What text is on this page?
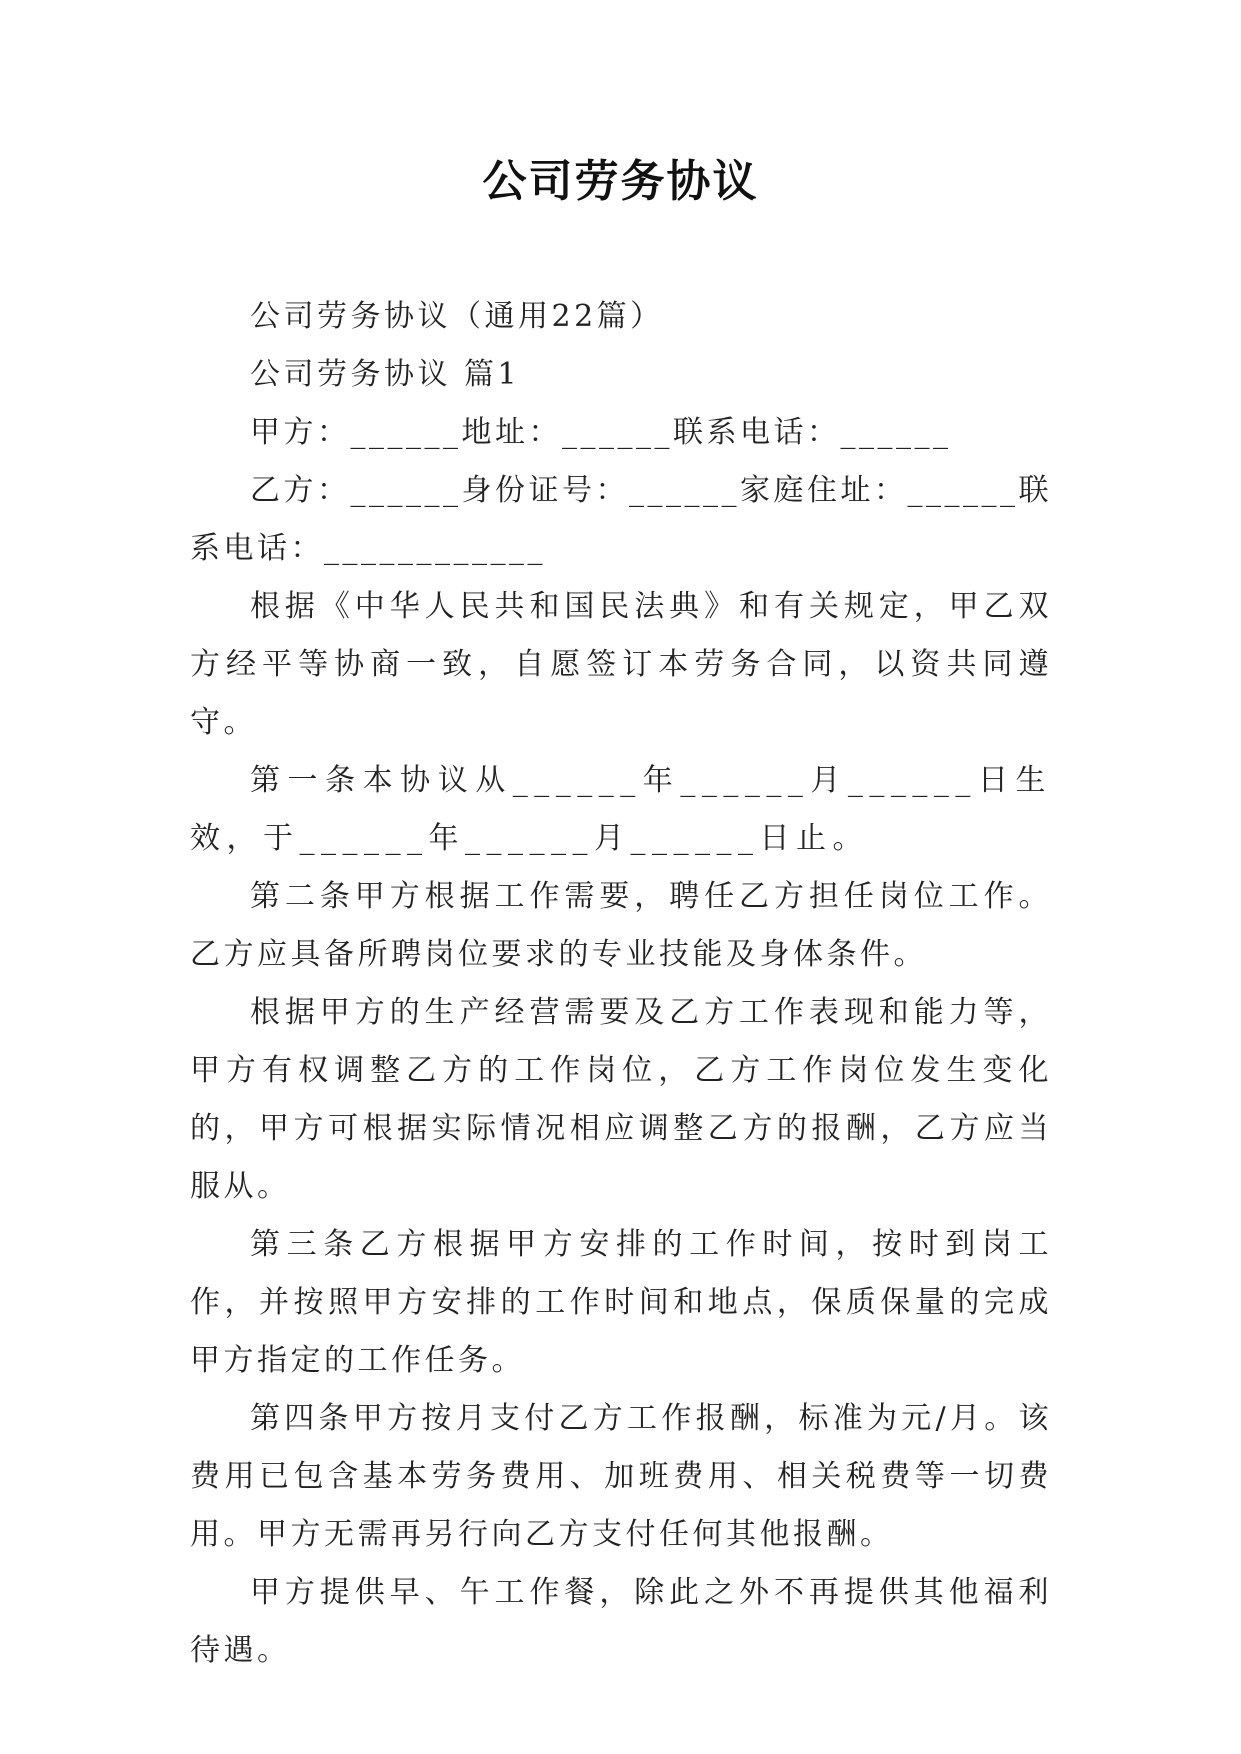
公司劳务协议

公司劳务协议（通用22篇）

公司劳务协议 篇1

甲方：______地址：______联系电话：______

乙方：______身份证号：______家庭住址：______联系电话：____________

根据《中华人民共和国民法典》和有关规定，甲乙双方经平等协商一致，自愿签订本劳务合同，以资共同遵守。

第一条本协议从______年______月______日生效，于______年______月______日止。

第二条甲方根据工作需要，聘任乙方担任岗位工作。乙方应具备所聘岗位要求的专业技能及身体条件。

根据甲方的生产经营需要及乙方工作表现和能力等，甲方有权调整乙方的工作岗位，乙方工作岗位发生变化的，甲方可根据实际情况相应调整乙方的报酬，乙方应当服从。

第三条乙方根据甲方安排的工作时间，按时到岗工作，并按照甲方安排的工作时间和地点，保质保量的完成甲方指定的工作任务。

第四条甲方按月支付乙方工作报酬，标准为元/月。该费用已包含基本劳务费用、加班费用、相关税费等一切费用。甲方无需再另行向乙方支付任何其他报酬。

甲方提供早、午工作餐，除此之外不再提供其他福利待遇。
